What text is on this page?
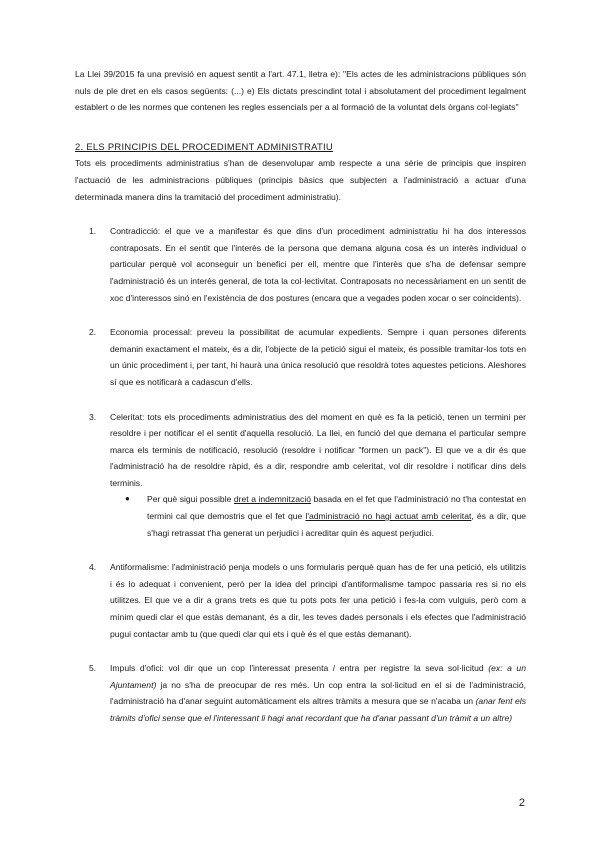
La Llei 39/2015 fa una previsió en aquest sentit a l'art. 47.1, lletra e): "Els actes de les administracions públiques són nuls de ple dret en els casos següents: (...) e) Els dictats prescindint total i absolutament del procediment legalment establert o de les normes que contenen les regles essencials per a al formació de la voluntat dels òrgans col·legiats"

2. ELS PRINCIPIS DEL PROCEDIMENT ADMINISTRATIU

Tots els procediments administratius s'han de desenvolupar amb respecte a una sèrie de principis que inspiren l'actuació de les administracions públiques (principis bàsics que subjecten a l'administració a actuar d'una determinada manera dins la tramitació del procediment administratiu).

1. Contradicció: el que ve a manifestar és que dins d'un procediment administratiu hi ha dos interessos contraposats. En el sentit que l'interès de la persona que demana alguna cosa és un interès individual o particular perquè vol aconseguir un benefici per ell, mentre que l'interès que s'ha de defensar sempre l'administració és un interès general, de tota la col·lectivitat. Contraposats no necessàriament en un sentit de xoc d'interessos sinó en l'existència de dos postures (encara que a vegades poden xocar o ser coincidents).

2. Economia processal: preveu la possibilitat de acumular expedients. Sempre i quan persones diferents demanin exactament el mateix, és a dir, l'objecte de la petició sigui el mateix, és possible tramitar-los tots en un únic procediment i, per tant, hi haurà una única resolució que resoldrà totes aquestes peticions. Aleshores sí que es notificarà a cadascun d'ells.

3. Celeritat: tots els procediments administratius des del moment en què es fa la petició, tenen un termini per resoldre i per notificar el el sentit d'aquella resolució. La llei, en funció del que demana el particular sempre marca els terminis de notificació, resolució (resoldre i notificar "formen un pack"). El que ve a dir és que l'administració ha de resoldre ràpid, és a dir, respondre amb celeritat, vol dir resoldre i notificar dins dels terminis.

● Per què sigui possible dret a indemnització basada en el fet que l'administració no t'ha contestat en termini cal que demostris que el fet que l'administració no hagi actuat amb celeritat, és a dir, que s'hagi retrassat t'ha generat un perjudici i acreditar quin és aquest perjudici.

4. Antiformalisme: l'administració penja models o uns formularis perquè quan has de fer una petició, els utilitzis i és lo adequat i convenient, però per la idea del principi d'antiformalisme tampoc passaria res si no els utilitzes. El que ve a dir a grans trets es que tu pots pots fer una petició i fes-la com vulguis, però com a mínim quedi clar el que estàs demanant, és a dir, les teves dades personals i els efectes que l'administració pugui contactar amb tu (que quedi clar qui ets i què és el que estàs demanant).

5. Impuls d'ofici: vol dir que un cop l'interessat presenta / entra per registre la seva sol·licitud (ex: a un Ajuntament) ja no s'ha de preocupar de res més. Un cop entra la sol·licitud en el si de l'administració, l'administració ha d'anar seguint automàticament els altres tràmits a mesura que se n'acaba un (anar fent els tràmits d'ofici sense que el l'interessant li hagi anat recordant que ha d'anar passant d'un tràmit a un altre)

2
